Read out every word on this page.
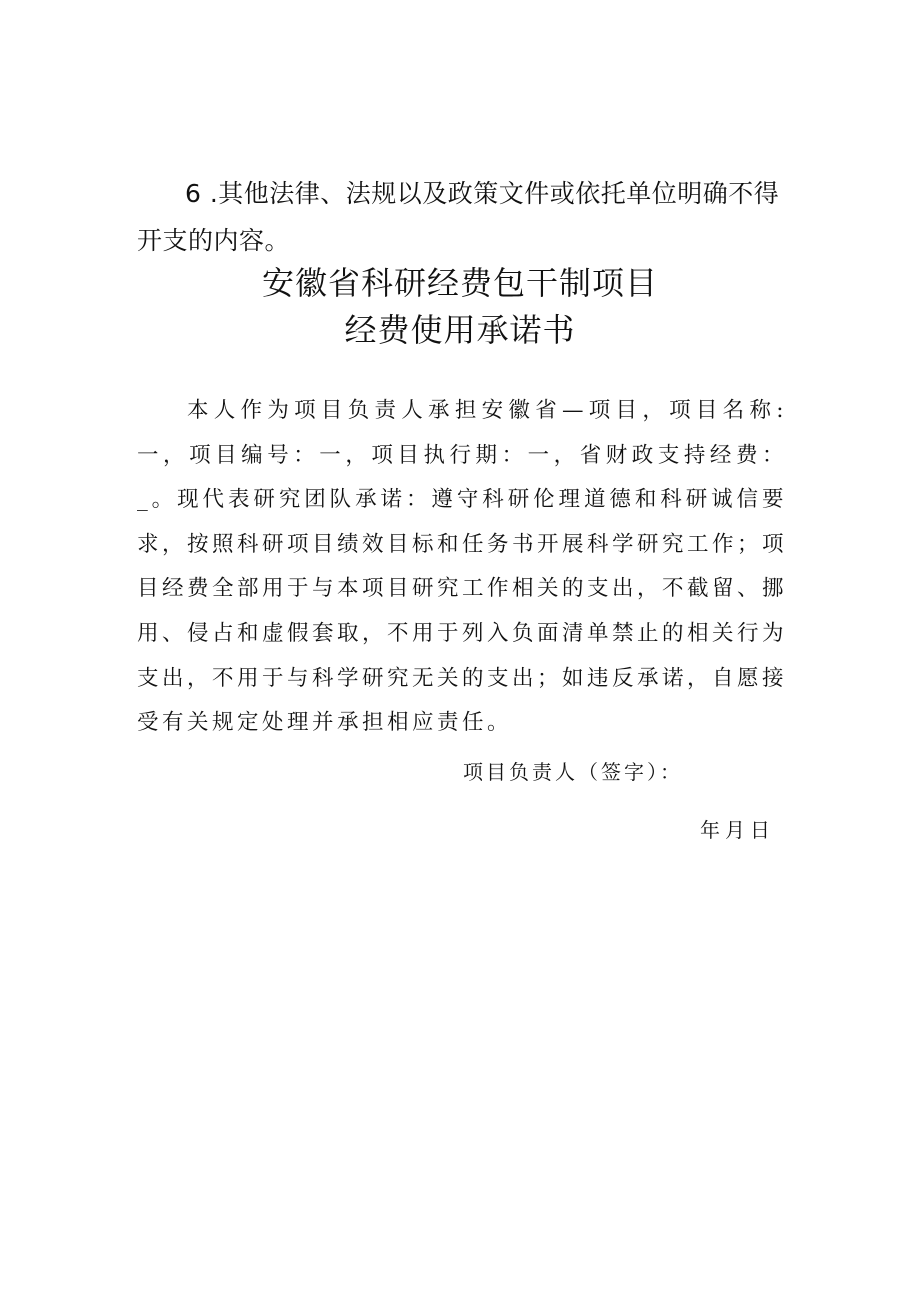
6 .其他法律、法规以及政策文件或依托单位明确不得开支的内容。

安徽省科研经费包干制项目
经费使用承诺书

本人作为项目负责人承担安徽省—项目，项目名称:一，项目编号：一，项目执行期：一，省财政支持经费：_。现代表研究团队承诺：遵守科研伦理道德和科研诚信要求，按照科研项目绩效目标和任务书开展科学研究工作；项目经费全部用于与本项目研究工作相关的支出，不截留、挪用、侵占和虚假套取，不用于列入负面清单禁止的相关行为支出，不用于与科学研究无关的支出；如违反承诺，自愿接受有关规定处理并承担相应责任。

项目负责人（签字）：

年月日
